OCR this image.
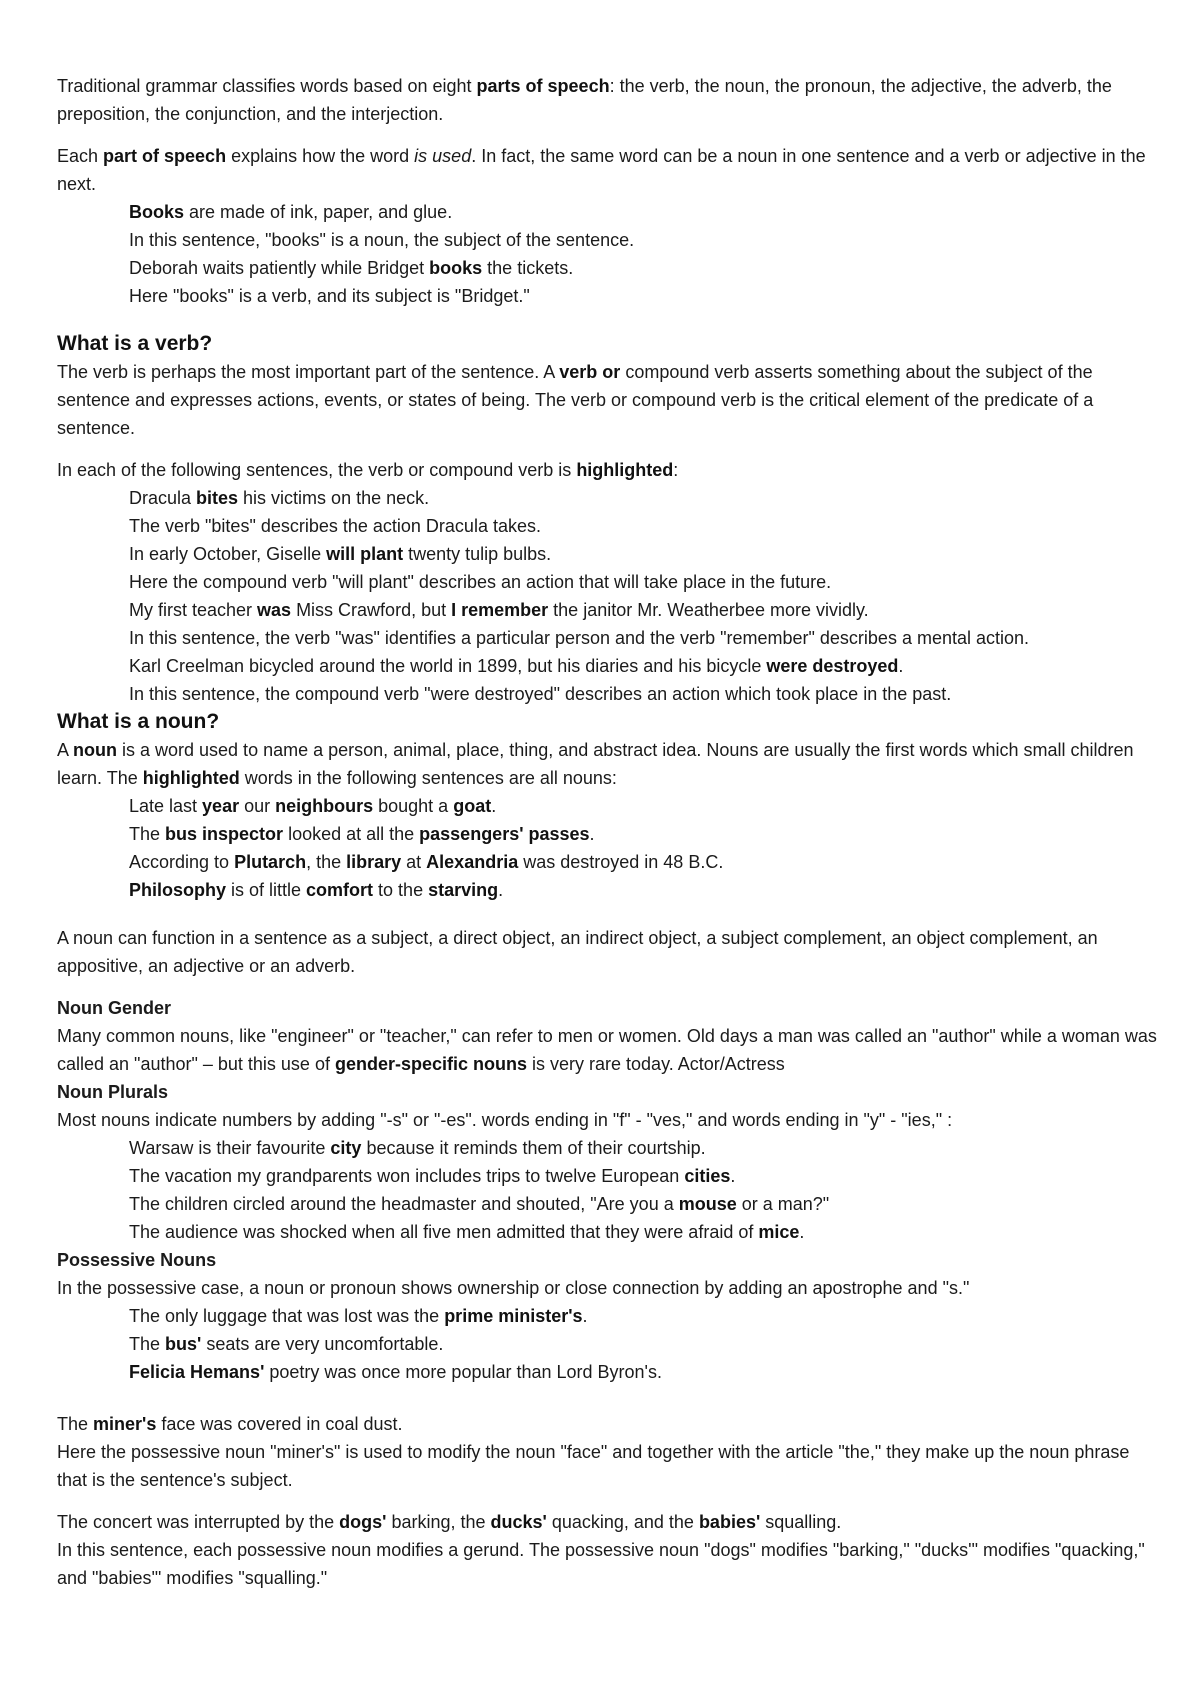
Traditional grammar classifies words based on eight parts of speech: the verb, the noun, the pronoun, the adjective, the adverb, the preposition, the conjunction, and the interjection.

Each part of speech explains how the word is used. In fact, the same word can be a noun in one sentence and a verb or adjective in the next.

Books are made of ink, paper, and glue.

In this sentence, "books" is a noun, the subject of the sentence.

Deborah waits patiently while Bridget books the tickets.

Here "books" is a verb, and its subject is "Bridget."

What is a verb?

The verb is perhaps the most important part of the sentence. A verb or compound verb asserts something about the subject of the sentence and expresses actions, events, or states of being. The verb or compound verb is the critical element of the predicate of a sentence.

In each of the following sentences, the verb or compound verb is highlighted:

Dracula bites his victims on the neck.

The verb "bites" describes the action Dracula takes.

In early October, Giselle will plant twenty tulip bulbs.

Here the compound verb "will plant" describes an action that will take place in the future.

My first teacher was Miss Crawford, but I remember the janitor Mr. Weatherbee more vividly.

In this sentence, the verb "was" identifies a particular person and the verb "remember" describes a mental action.

Karl Creelman bicycled around the world in 1899, but his diaries and his bicycle were destroyed.

In this sentence, the compound verb "were destroyed" describes an action which took place in the past.

What is a noun?

A noun is a word used to name a person, animal, place, thing, and abstract idea. Nouns are usually the first words which small children learn. The highlighted words in the following sentences are all nouns:

Late last year our neighbours bought a goat.

The bus inspector looked at all the passengers' passes.

According to Plutarch, the library at Alexandria was destroyed in 48 B.C.

Philosophy is of little comfort to the starving.

A noun can function in a sentence as a subject, a direct object, an indirect object, a subject complement, an object complement, an appositive, an adjective or an adverb.

Noun Gender

Many common nouns, like "engineer" or "teacher," can refer to men or women. Old days a man was called an "author" while a woman was called an "author" – but this use of gender-specific nouns is very rare today. Actor/Actress

Noun Plurals

Most nouns indicate numbers by adding "-s" or "-es". words ending in "f" - "ves," and words ending in "y" - "ies," :

Warsaw is their favourite city because it reminds them of their courtship.

The vacation my grandparents won includes trips to twelve European cities.

The children circled around the headmaster and shouted, "Are you a mouse or a man?"

The audience was shocked when all five men admitted that they were afraid of mice.

Possessive Nouns

In the possessive case, a noun or pronoun shows ownership or close connection by adding an apostrophe and "s."

The only luggage that was lost was the prime minister's.

The bus' seats are very uncomfortable.

Felicia Hemans' poetry was once more popular than Lord Byron's.

The miner's face was covered in coal dust.

Here the possessive noun "miner's" is used to modify the noun "face" and together with the article "the," they make up the noun phrase that is the sentence's subject.

The concert was interrupted by the dogs' barking, the ducks' quacking, and the babies' squalling.

In this sentence, each possessive noun modifies a gerund. The possessive noun "dogs" modifies "barking," "ducks'" modifies "quacking," and "babies'" modifies "squalling."
